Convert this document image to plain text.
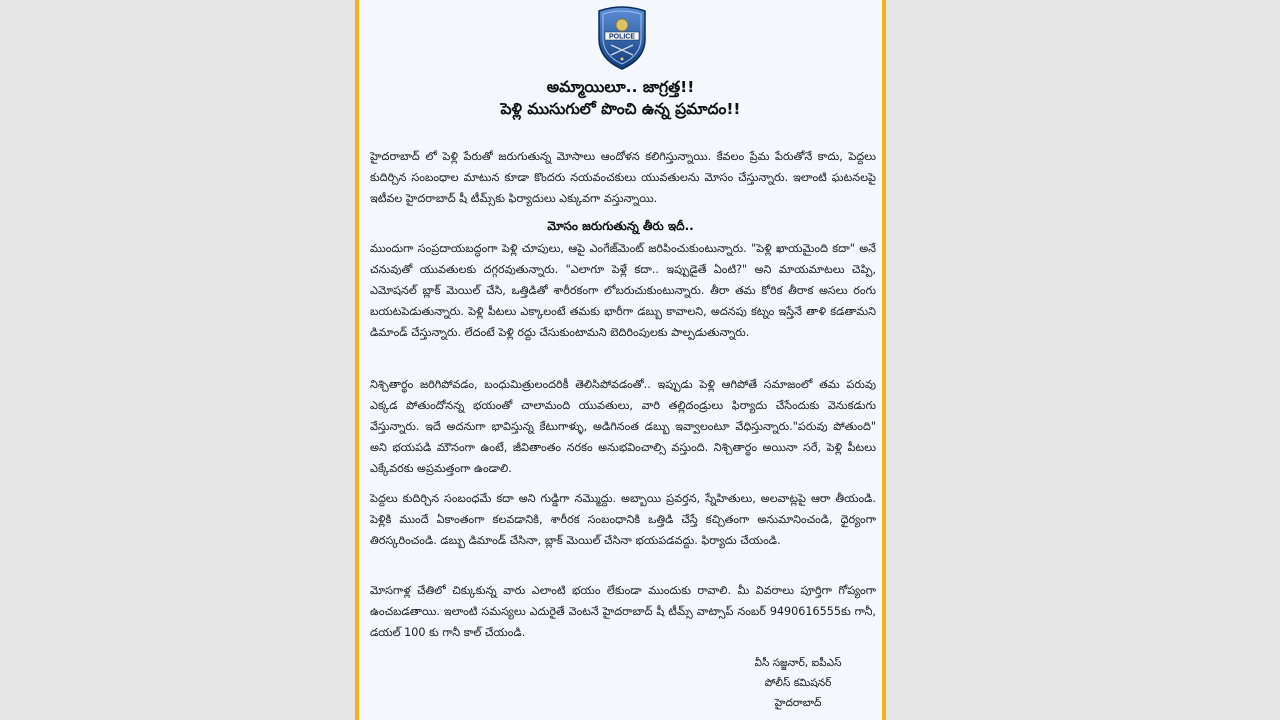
POLICE
అమ్మాయిలూ.. జాగ్రత్త!!
పెళ్లి ముసుగులో పొంచి ఉన్న ప్రమాదం!!

హైదరాబాద్ లో పెళ్లి పేరుతో జరుగుతున్న మోసాలు ఆందోళన కలిగిస్తున్నాయి. కేవలం ప్రేమ పేరుతోనే కాదు, పెద్దలు కుదిర్చిన సంబంధాల మాటున కూడా కొందరు నయవంచకులు యువతులను మోసం చేస్తున్నారు. ఇలాంటి ఘటనలపై ఇటీవల హైదరాబాద్ షీ టీమ్స్‌కు ఫిర్యాదులు ఎక్కువగా వస్తున్నాయి.

మోసం జరుగుతున్న తీరు ఇదీ..

ముందుగా సంప్రదాయబద్ధంగా పెళ్లి చూపులు, ఆపై ఎంగేజ్‌మెంట్ జరిపించుకుంటున్నారు. "పెళ్లి ఖాయమైంది కదా" అనే చనువుతో యువతులకు దగ్గరవుతున్నారు. "ఎలాగూ పెళ్లే కదా.. ఇప్పుడైతే ఏంటి?" అని మాయమాటలు చెప్పి, ఎమోషనల్ బ్లాక్ మెయిల్ చేసి, ఒత్తిడితో శారీరకంగా లోబరుచుకుంటున్నారు. తీరా తమ కోరిక తీరాక అసలు రంగు బయటపెడుతున్నారు. పెళ్లి పీటలు ఎక్కాలంటే తమకు భారీగా డబ్బు కావాలని, అదనపు కట్నం ఇస్తేనే తాళి కడతామని డిమాండ్ చేస్తున్నారు. లేదంటే పెళ్లి రద్దు చేసుకుంటామని బెదిరింపులకు పాల్పడుతున్నారు.

నిశ్చితార్థం జరిగిపోవడం, బంధుమిత్రులందరికీ తెలిసిపోవడంతో.. ఇప్పుడు పెళ్లి ఆగిపోతే సమాజంలో తమ పరువు ఎక్కడ పోతుందోనన్న భయంతో చాలామంది యువతులు, వారి తల్లిదండ్రులు ఫిర్యాదు చేసేందుకు వెనుకడుగు వేస్తున్నారు. ఇదే అదనుగా భావిస్తున్న కేటుగాళ్ళు, అడిగినంత డబ్బు ఇవ్వాలంటూ వేధిస్తున్నారు."పరువు పోతుంది" అని భయపడి మౌనంగా ఉంటే, జీవితాంతం నరకం అనుభవించాల్సి వస్తుంది. నిశ్చితార్థం అయినా సరే, పెళ్లి పీటలు ఎక్కేవరకు అప్రమత్తంగా ఉండాలి.

పెద్దలు కుదిర్చిన సంబంధమే కదా అని గుడ్డిగా నమ్మొద్దు. అబ్బాయి ప్రవర్తన, స్నేహితులు, అలవాట్లపై ఆరా తీయండి. పెళ్లికి ముందే ఏకాంతంగా కలవడానికి, శారీరక సంబంధానికి ఒత్తిడి చేస్తే కచ్చితంగా అనుమానించండి, ధైర్యంగా తిరస్కరించండి. డబ్బు డిమాండ్ చేసినా, బ్లాక్ మెయిల్ చేసినా భయపడవద్దు. ఫిర్యాదు చేయండి.

మోసగాళ్ల చేతిలో చిక్కుకున్న వారు ఎలాంటి భయం లేకుండా ముందుకు రావాలి. మీ వివరాలు పూర్తిగా గోప్యంగా ఉంచబడతాయి. ఇలాంటి సమస్యలు ఎదురైతే వెంటనే హైదరాబాద్ షీ టీమ్స్ వాట్సాప్ నంబర్ 9490616555కు గానీ, డయల్ 100 కు గానీ కాల్ చేయండి.

వీసీ సజ్జనార్, ఐపీఎస్
పోలీస్ కమిషనర్
హైదరాబాద్
